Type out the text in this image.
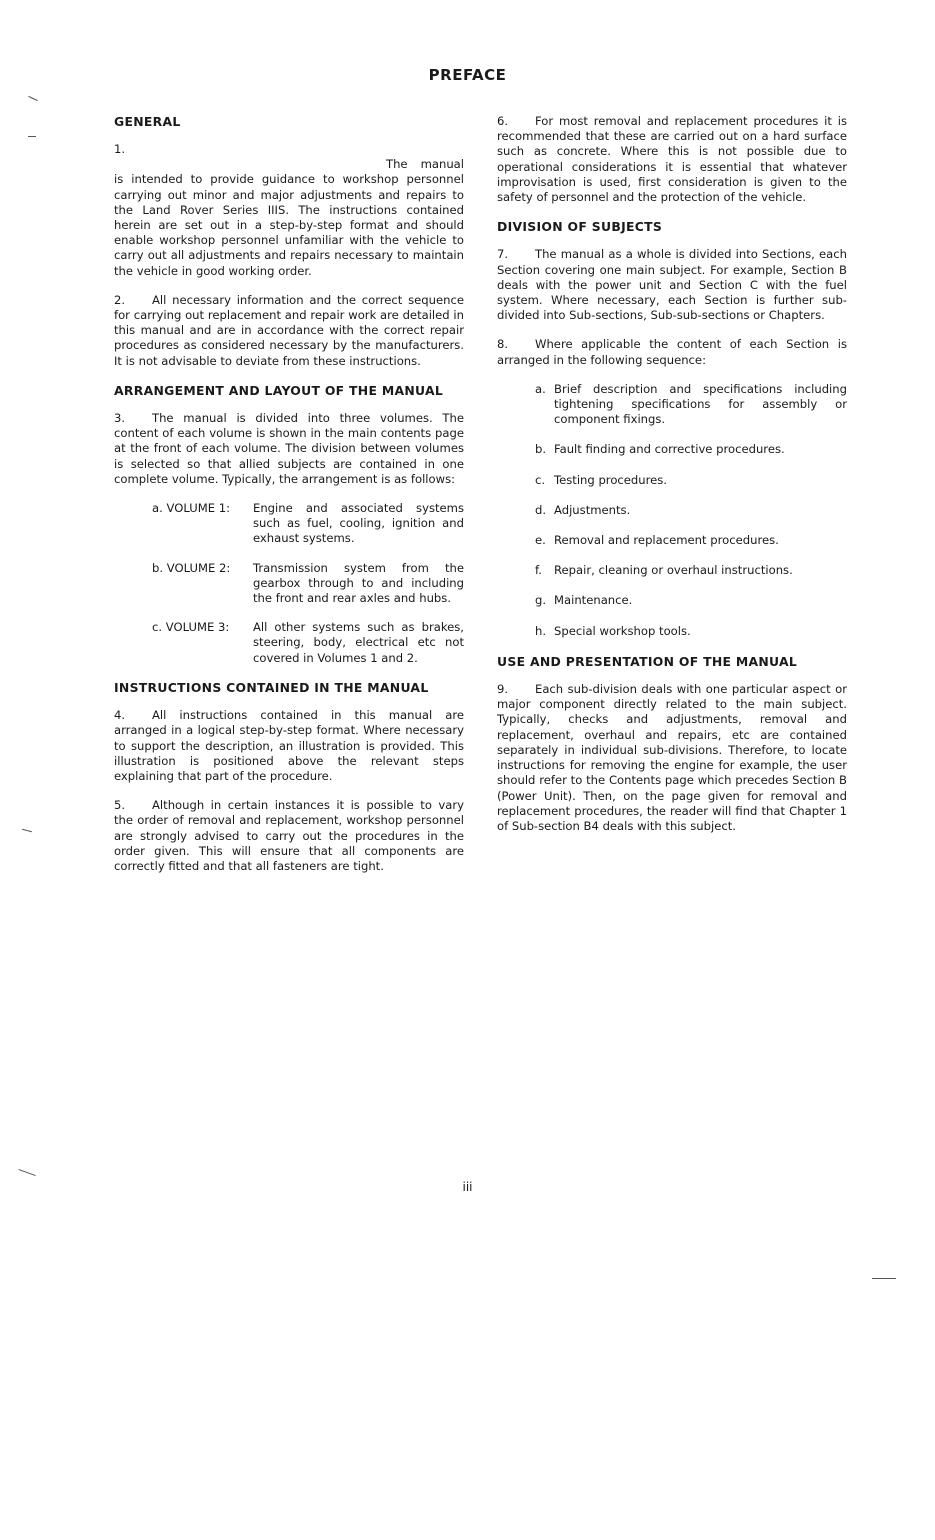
PREFACE
GENERAL
1.

The manual is intended to provide guidance to workshop personnel carrying out minor and major adjustments and repairs to the Land Rover Series IIIS. The instructions contained herein are set out in a step-by-step format and should enable workshop personnel unfamiliar with the vehicle to carry out all adjustments and repairs necessary to maintain the vehicle in good working order.
2. All necessary information and the correct sequence for carrying out replacement and repair work are detailed in this manual and are in accordance with the correct repair procedures as considered necessary by the manufacturers. It is not advisable to deviate from these instructions.
ARRANGEMENT AND LAYOUT OF THE MANUAL
3. The manual is divided into three volumes. The content of each volume is shown in the main contents page at the front of each volume. The division between volumes is selected so that allied subjects are contained in one complete volume. Typically, the arrangement is as follows:
a. VOLUME 1:	Engine and associated systems such as fuel, cooling, ignition and exhaust systems.
b. VOLUME 2:	Transmission system from the gearbox through to and including the front and rear axles and hubs.
c. VOLUME 3:	All other systems such as brakes, steering, body, electrical etc not covered in Volumes 1 and 2.
INSTRUCTIONS CONTAINED IN THE MANUAL
4. All instructions contained in this manual are arranged in a logical step-by-step format. Where necessary to support the description, an illustration is provided. This illustration is positioned above the relevant steps explaining that part of the procedure.
5. Although in certain instances it is possible to vary the order of removal and replacement, workshop personnel are strongly advised to carry out the procedures in the order given. This will ensure that all components are correctly fitted and that all fasteners are tight.
6. For most removal and replacement procedures it is recommended that these are carried out on a hard surface such as concrete. Where this is not possible due to operational considerations it is essential that whatever improvisation is used, first consideration is given to the safety of personnel and the protection of the vehicle.
DIVISION OF SUBJECTS
7. The manual as a whole is divided into Sections, each Section covering one main subject. For example, Section B deals with the power unit and Section C with the fuel system. Where necessary, each Section is further sub-divided into Sub-sections, Sub-sub-sections or Chapters.
8. Where applicable the content of each Section is arranged in the following sequence:
a. Brief description and specifications including tightening specifications for assembly or component fixings.
b. Fault finding and corrective procedures.
c. Testing procedures.
d. Adjustments.
e. Removal and replacement procedures.
f.	Repair, cleaning or overhaul instructions.
g. Maintenance.
h. Special workshop tools.
USE AND PRESENTATION OF THE MANUAL
9. Each sub-division deals with one particular aspect or major component directly related to the main subject. Typically, checks and adjustments, removal and replacement, overhaul and repairs, etc are contained separately in individual sub-divisions. Therefore, to locate instructions for removing the engine for example, the user should refer to the Contents page which precedes Section B (Power Unit). Then, on the page given for removal and replacement procedures, the reader will find that Chapter 1 of Sub-section B4 deals with this subject.
iii
